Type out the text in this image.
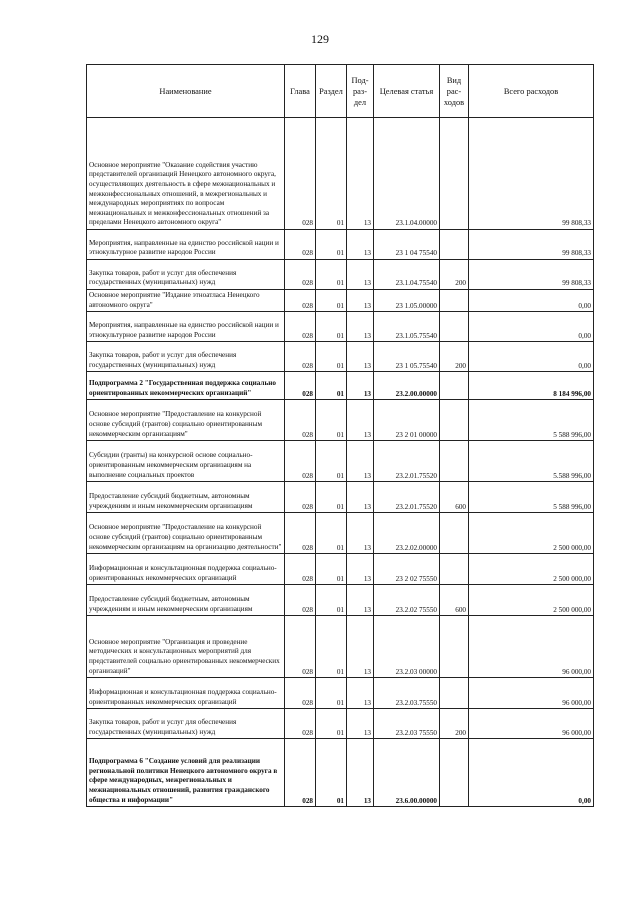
129
Наименование	Глава	Раздел	Под-раз-дел	Целевая статья	Вид рас-ходов	Всего расходов
Основное мероприятие "Оказание содействия участию представителей организаций Ненецкого автономного округа, осуществляющих деятельность в сфере межнациональных и межконфессиональных отношений, в межрегиональных и международных мероприятиях по вопросам межнациональных и межконфессиональных отношений за пределами Ненецкого автономного округа"	028	01	13	23.1.04.00000		99 808,33
Мероприятия, направленные на единство российской нации и этнокультурное развитие народов России	028	01	13	23 1 04 75540		99 808,33
Закупка товаров, работ и услуг для обеспечения государственных (муниципальных) нужд	028	01	13	23.1.04.75540	200	99 808,33
Основное мероприятие "Издание этноатласа Ненецкого автономного округа"	028	01	13	23 1.05.00000		0,00
Мероприятия, направленные на единство российской нации и этнокультурное развитие народов России	028	01	13	23.1.05.75540		0,00
Закупка товаров, работ и услуг для обеспечения государственных (муниципальных) нужд	028	01	13	23 1 05.75540	200	0,00
Подпрограмма 2 "Государственная поддержка социально ориентированных некоммерческих организаций"	028	01	13	23.2.00.00000		8 184 996,00
Основное мероприятие "Предоставление на конкурсной основе субсидий (грантов) социально ориентированным некоммерческим организациям"	028	01	13	23 2 01 00000		5 588 996,00
Субсидии (гранты) на конкурсной основе социально-ориентированным некоммерческим организациям на выполнение социальных проектов	028	01	13	23.2.01.75520		5.588 996,00
Предоставление субсидий бюджетным, автономным учреждениям и иным некоммерческим организациям	028	01	13	23.2.01.75520	600	5 588 996,00
Основное мероприятие "Предоставление на конкурсной основе субсидий (грантов) социально ориентированным некоммерческим организациям на организацию деятельности"	028	01	13	23.2.02.00000		2 500 000,00
Информационная и консультационная поддержка социально-ориентированных некоммерческих организаций	028	01	13	23 2 02 75550		2 500 000,00
Предоставление субсидий бюджетным, автономным учреждениям и иным некоммерческим организациям	028	01	13	23.2.02 75550	600	2 500 000,00
Основное мероприятие "Организация и проведение методических и консультационных мероприятий для представителей социально ориентированных некоммерческих организаций"	028	01	13	23.2.03 00000		96 000,00
Информационная и консультационная поддержка социально-ориентированных некоммерческих организаций	028	01	13	23.2.03.75550		96 000,00
Закупка товаров, работ и услуг для обеспечения государственных (муниципальных) нужд	028	01	13	23.2.03 75550	200	96 000,00
Подпрограмма 6 "Создание условий для реализации региональной политики Ненецкого автономного округа в сфере международных, межрегиональных и межнациональных отношений, развития гражданского общества и информации"	028	01	13	23.6.00.00000		0,00
